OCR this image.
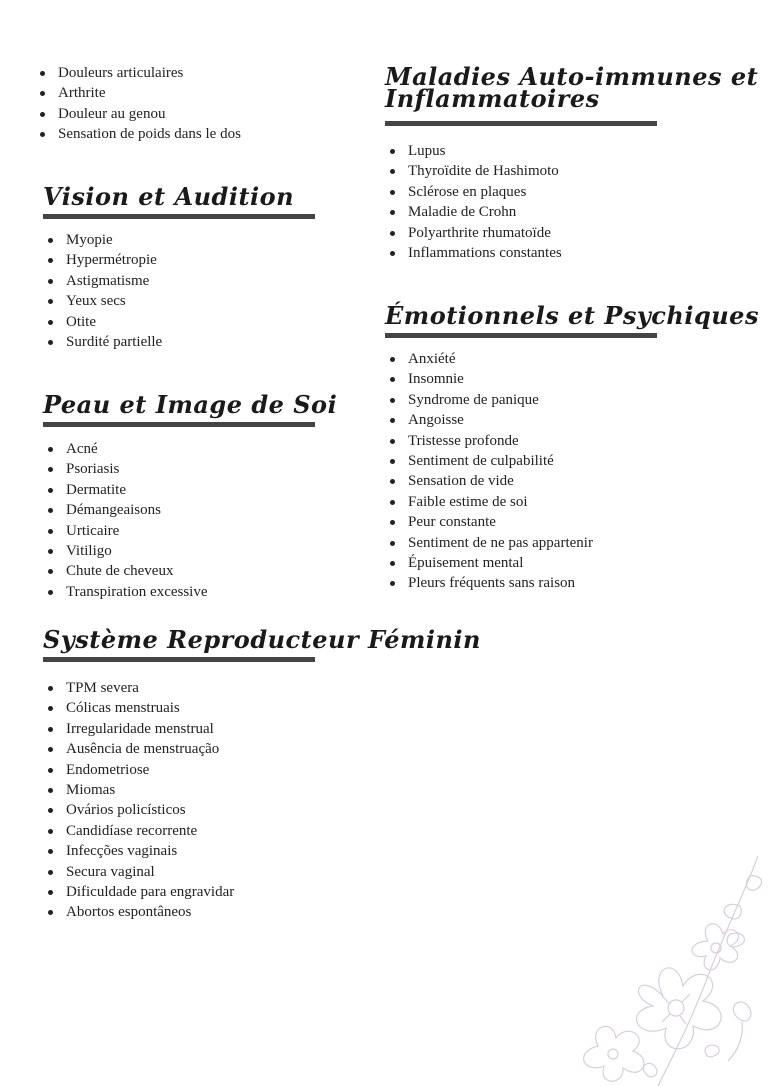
Douleurs articulaires
Arthrite
Douleur au genou
Sensation de poids dans le dos
Vision et Audition
Myopie
Hypermétropie
Astigmatisme
Yeux secs
Otite
Surdité partielle
Peau et Image de Soi
Acné
Psoriasis
Dermatite
Démangeaisons
Urticaire
Vitiligo
Chute de cheveux
Transpiration excessive
Système Reproducteur Féminin
TPM severa
Cólicas menstruais
Irregularidade menstrual
Ausência de menstruação
Endometriose
Miomas
Ovários policísticos
Candidíase recorrente
Infecções vaginais
Secura vaginal
Dificuldade para engravidar
Abortos espontâneos
Maladies Auto-immunes et
Inflammatoires
Lupus
Thyroïdite de Hashimoto
Sclérose en plaques
Maladie de Crohn
Polyarthrite rhumatoïde
Inflammations constantes
Émotionnels et Psychiques
Anxiété
Insomnie
Syndrome de panique
Angoisse
Tristesse profonde
Sentiment de culpabilité
Sensation de vide
Faible estime de soi
Peur constante
Sentiment de ne pas appartenir
Épuisement mental
Pleurs fréquents sans raison
